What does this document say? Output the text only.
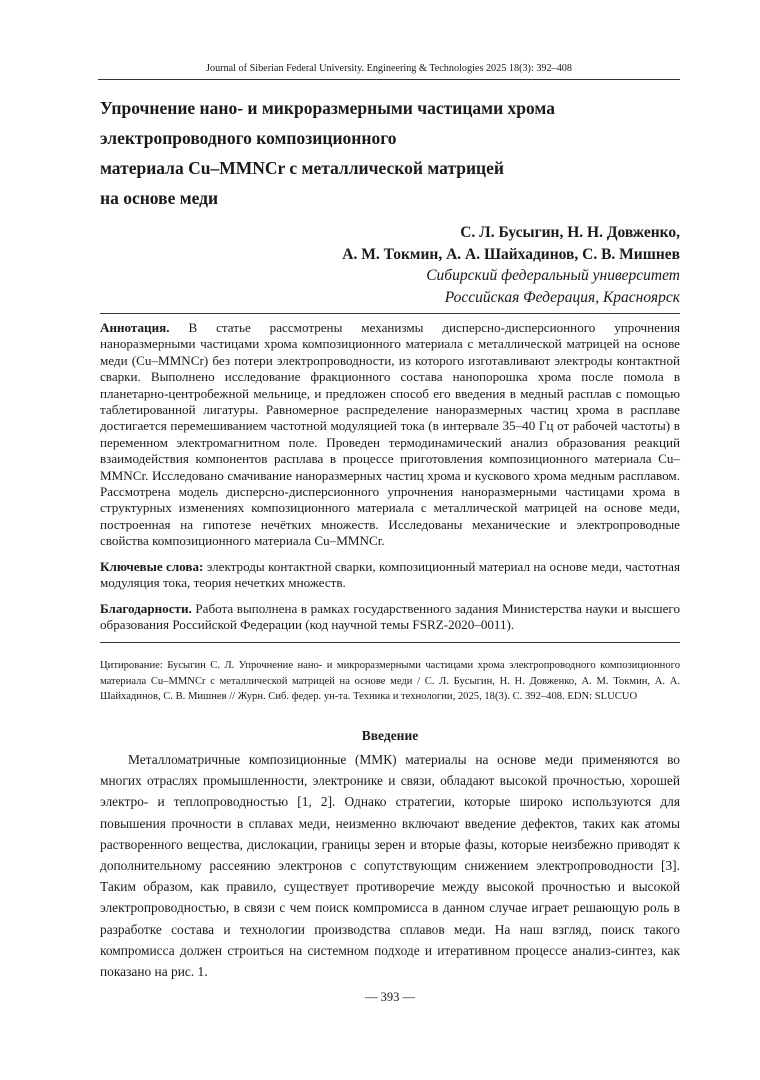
Journal of Siberian Federal University. Engineering & Technologies 2025 18(3): 392–408
Упрочнение нано- и микроразмерными частицами хрома
электропроводного композиционного
материала Cu–MMNCr с металлической матрицей
на основе меди
С. Л. Бусыгин, Н. Н. Довженко,
А. М. Токмин, А. А. Шайхадинов, С. В. Мишнев
Сибирский федеральный университет
Российская Федерация, Красноярск
Аннотация. В статье рассмотрены механизмы дисперсно-дисперсионного упрочнения наноразмерными частицами хрома композиционного материала с металлической матрицей на основе меди (Cu–MMNCr) без потери электропроводности, из которого изготавливают электроды контактной сварки. Выполнено исследование фракционного состава нанопорошка хрома после помола в планетарно-центробежной мельнице, и предложен способ его введения в медный расплав с помощью таблетированной лигатуры. Равномерное распределение наноразмерных частиц хрома в расплаве достигается перемешиванием частотной модуляцией тока (в интервале 35–40 Гц от рабочей частоты) в переменном электромагнитном поле. Проведен термодинамический анализ образования реакций взаимодействия компонентов расплава в процессе приготовления композиционного материала Cu–MMNCr. Исследовано смачивание наноразмерных частиц хрома и кускового хрома медным расплавом. Рассмотрена модель дисперсно-дисперсионного упрочнения наноразмерными частицами хрома в структурных изменениях композиционного материала с металлической матрицей на основе меди, построенная на гипотезе нечётких множеств. Исследованы механические и электропроводные свойства композиционного материала Cu–MMNCr.
Ключевые слова: электроды контактной сварки, композиционный материал на основе меди, частотная модуляция тока, теория нечетких множеств.
Благодарности. Работа выполнена в рамках государственного задания Министерства науки и высшего образования Российской Федерации (код научной темы FSRZ-2020–0011).
Цитирование: Бусыгин С. Л. Упрочнение нано- и микроразмерными частицами хрома электропроводного композиционного материала Cu–MMNCr с металлической матрицей на основе меди / С. Л. Бусыгин, Н. Н. Довженко, А. М. Токмин, А. А. Шайхадинов, С. В. Мишнев // Журн. Сиб. федер. ун-та. Техника и технологии, 2025, 18(3). С. 392–408. EDN: SLUCUO
Введение

Металломатричные композиционные (ММК) материалы на основе меди применяются во многих отраслях промышленности, электронике и связи, обладают высокой прочностью, хорошей электро- и теплопроводностью [1, 2]. Однако стратегии, которые широко используются для повышения прочности в сплавах меди, неизменно включают введение дефектов, таких как атомы растворенного вещества, дислокации, границы зерен и вторые фазы, которые неизбежно приводят к дополнительному рассеянию электронов с сопутствующим снижением электропроводности [3]. Таким образом, как правило, существует противоречие между высокой прочностью и высокой электропроводностью, в связи с чем поиск компромисса в данном случае играет решающую роль в разработке состава и технологии производства сплавов меди. На наш взгляд, поиск такого компромисса должен строиться на системном подходе и итеративном процессе анализ-синтез, как показано на рис. 1.

— 393 —
